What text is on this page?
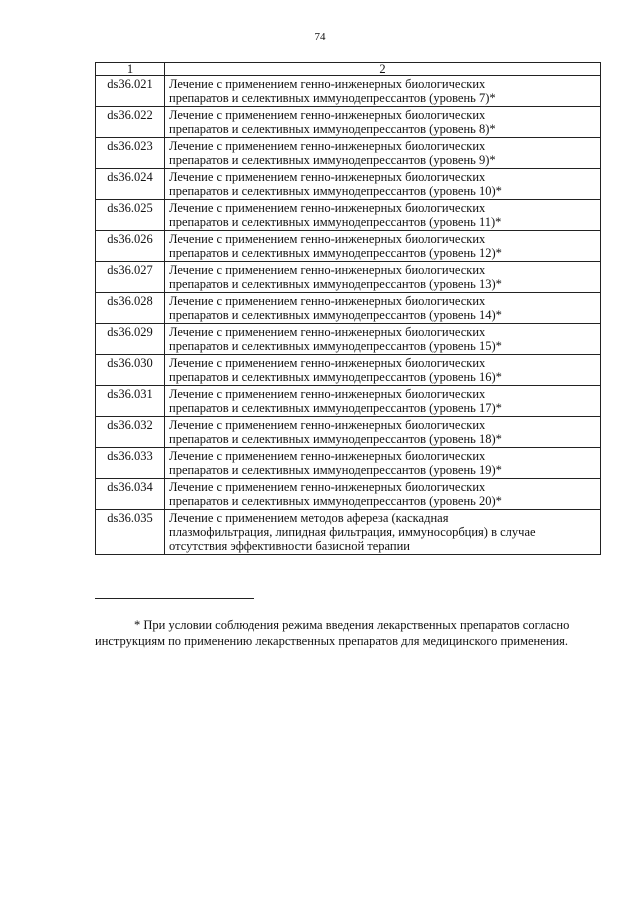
74
1	2
ds36.021	Лечение с применением генно-инженерных биологических
препаратов и селективных иммунодепрессантов (уровень 7)*

ds36.022	Лечение с применением генно-инженерных биологических
препаратов и селективных иммунодепрессантов (уровень 8)*

ds36.023	Лечение с применением генно-инженерных биологических
препаратов и селективных иммунодепрессантов (уровень 9)*

ds36.024	Лечение с применением генно-инженерных биологических
препаратов и селективных иммунодепрессантов (уровень 10)*

ds36.025	Лечение с применением генно-инженерных биологических
препаратов и селективных иммунодепрессантов (уровень 11)*

ds36.026	Лечение с применением генно-инженерных биологических
препаратов и селективных иммунодепрессантов (уровень 12)*

ds36.027	Лечение с применением генно-инженерных биологических
препаратов и селективных иммунодепрессантов (уровень 13)*

ds36.028	Лечение с применением генно-инженерных биологических
препаратов и селективных иммунодепрессантов (уровень 14)*

ds36.029	Лечение с применением генно-инженерных биологических
препаратов и селективных иммунодепрессантов (уровень 15)*

ds36.030	Лечение с применением генно-инженерных биологических
препаратов и селективных иммунодепрессантов (уровень 16)*

ds36.031	Лечение с применением генно-инженерных биологических
препаратов и селективных иммунодепрессантов (уровень 17)*

ds36.032	Лечение с применением генно-инженерных биологических
препаратов и селективных иммунодепрессантов (уровень 18)*

ds36.033	Лечение с применением генно-инженерных биологических
препаратов и селективных иммунодепрессантов (уровень 19)*

ds36.034	Лечение с применением генно-инженерных биологических
препаратов и селективных иммунодепрессантов (уровень 20)*

ds36.035	Лечение с применением методов афереза (каскадная
плазмофильтрация, липидная фильтрация, иммуносорбция) в случае
отсутствия эффективности базисной терапии
* При условии соблюдения режима введения лекарственных препаратов согласно
инструкциям по применению лекарственных препаратов для медицинского применения.
